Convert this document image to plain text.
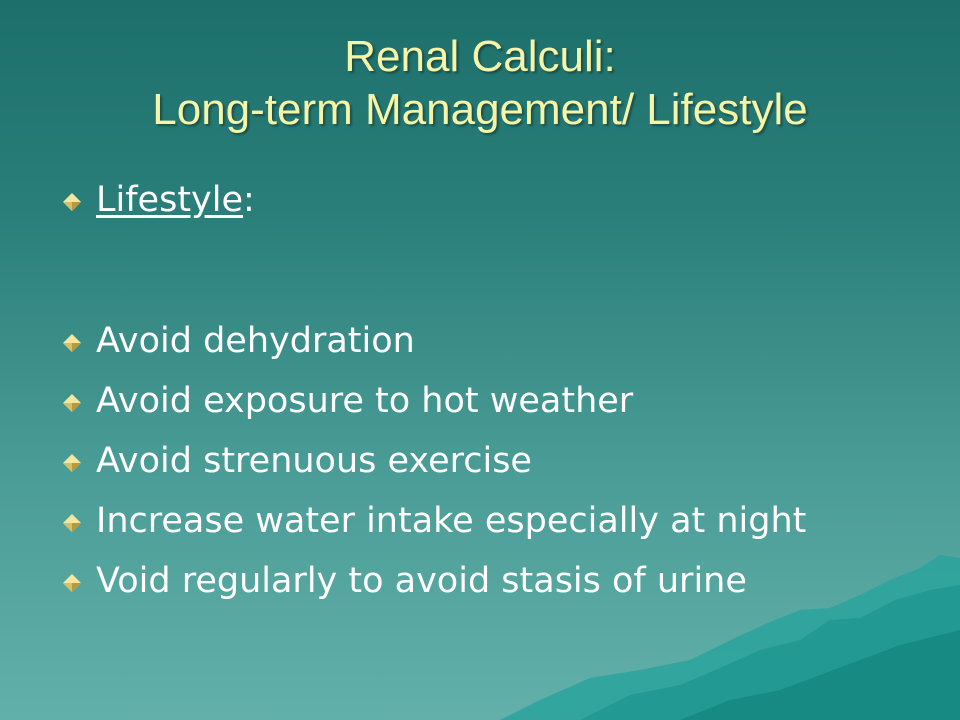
Renal Calculi:
Long-term Management/ Lifestyle
Lifestyle:
Avoid dehydration
Avoid exposure to hot weather
Avoid strenuous exercise
Increase water intake especially at night
Void regularly to avoid stasis of urine
